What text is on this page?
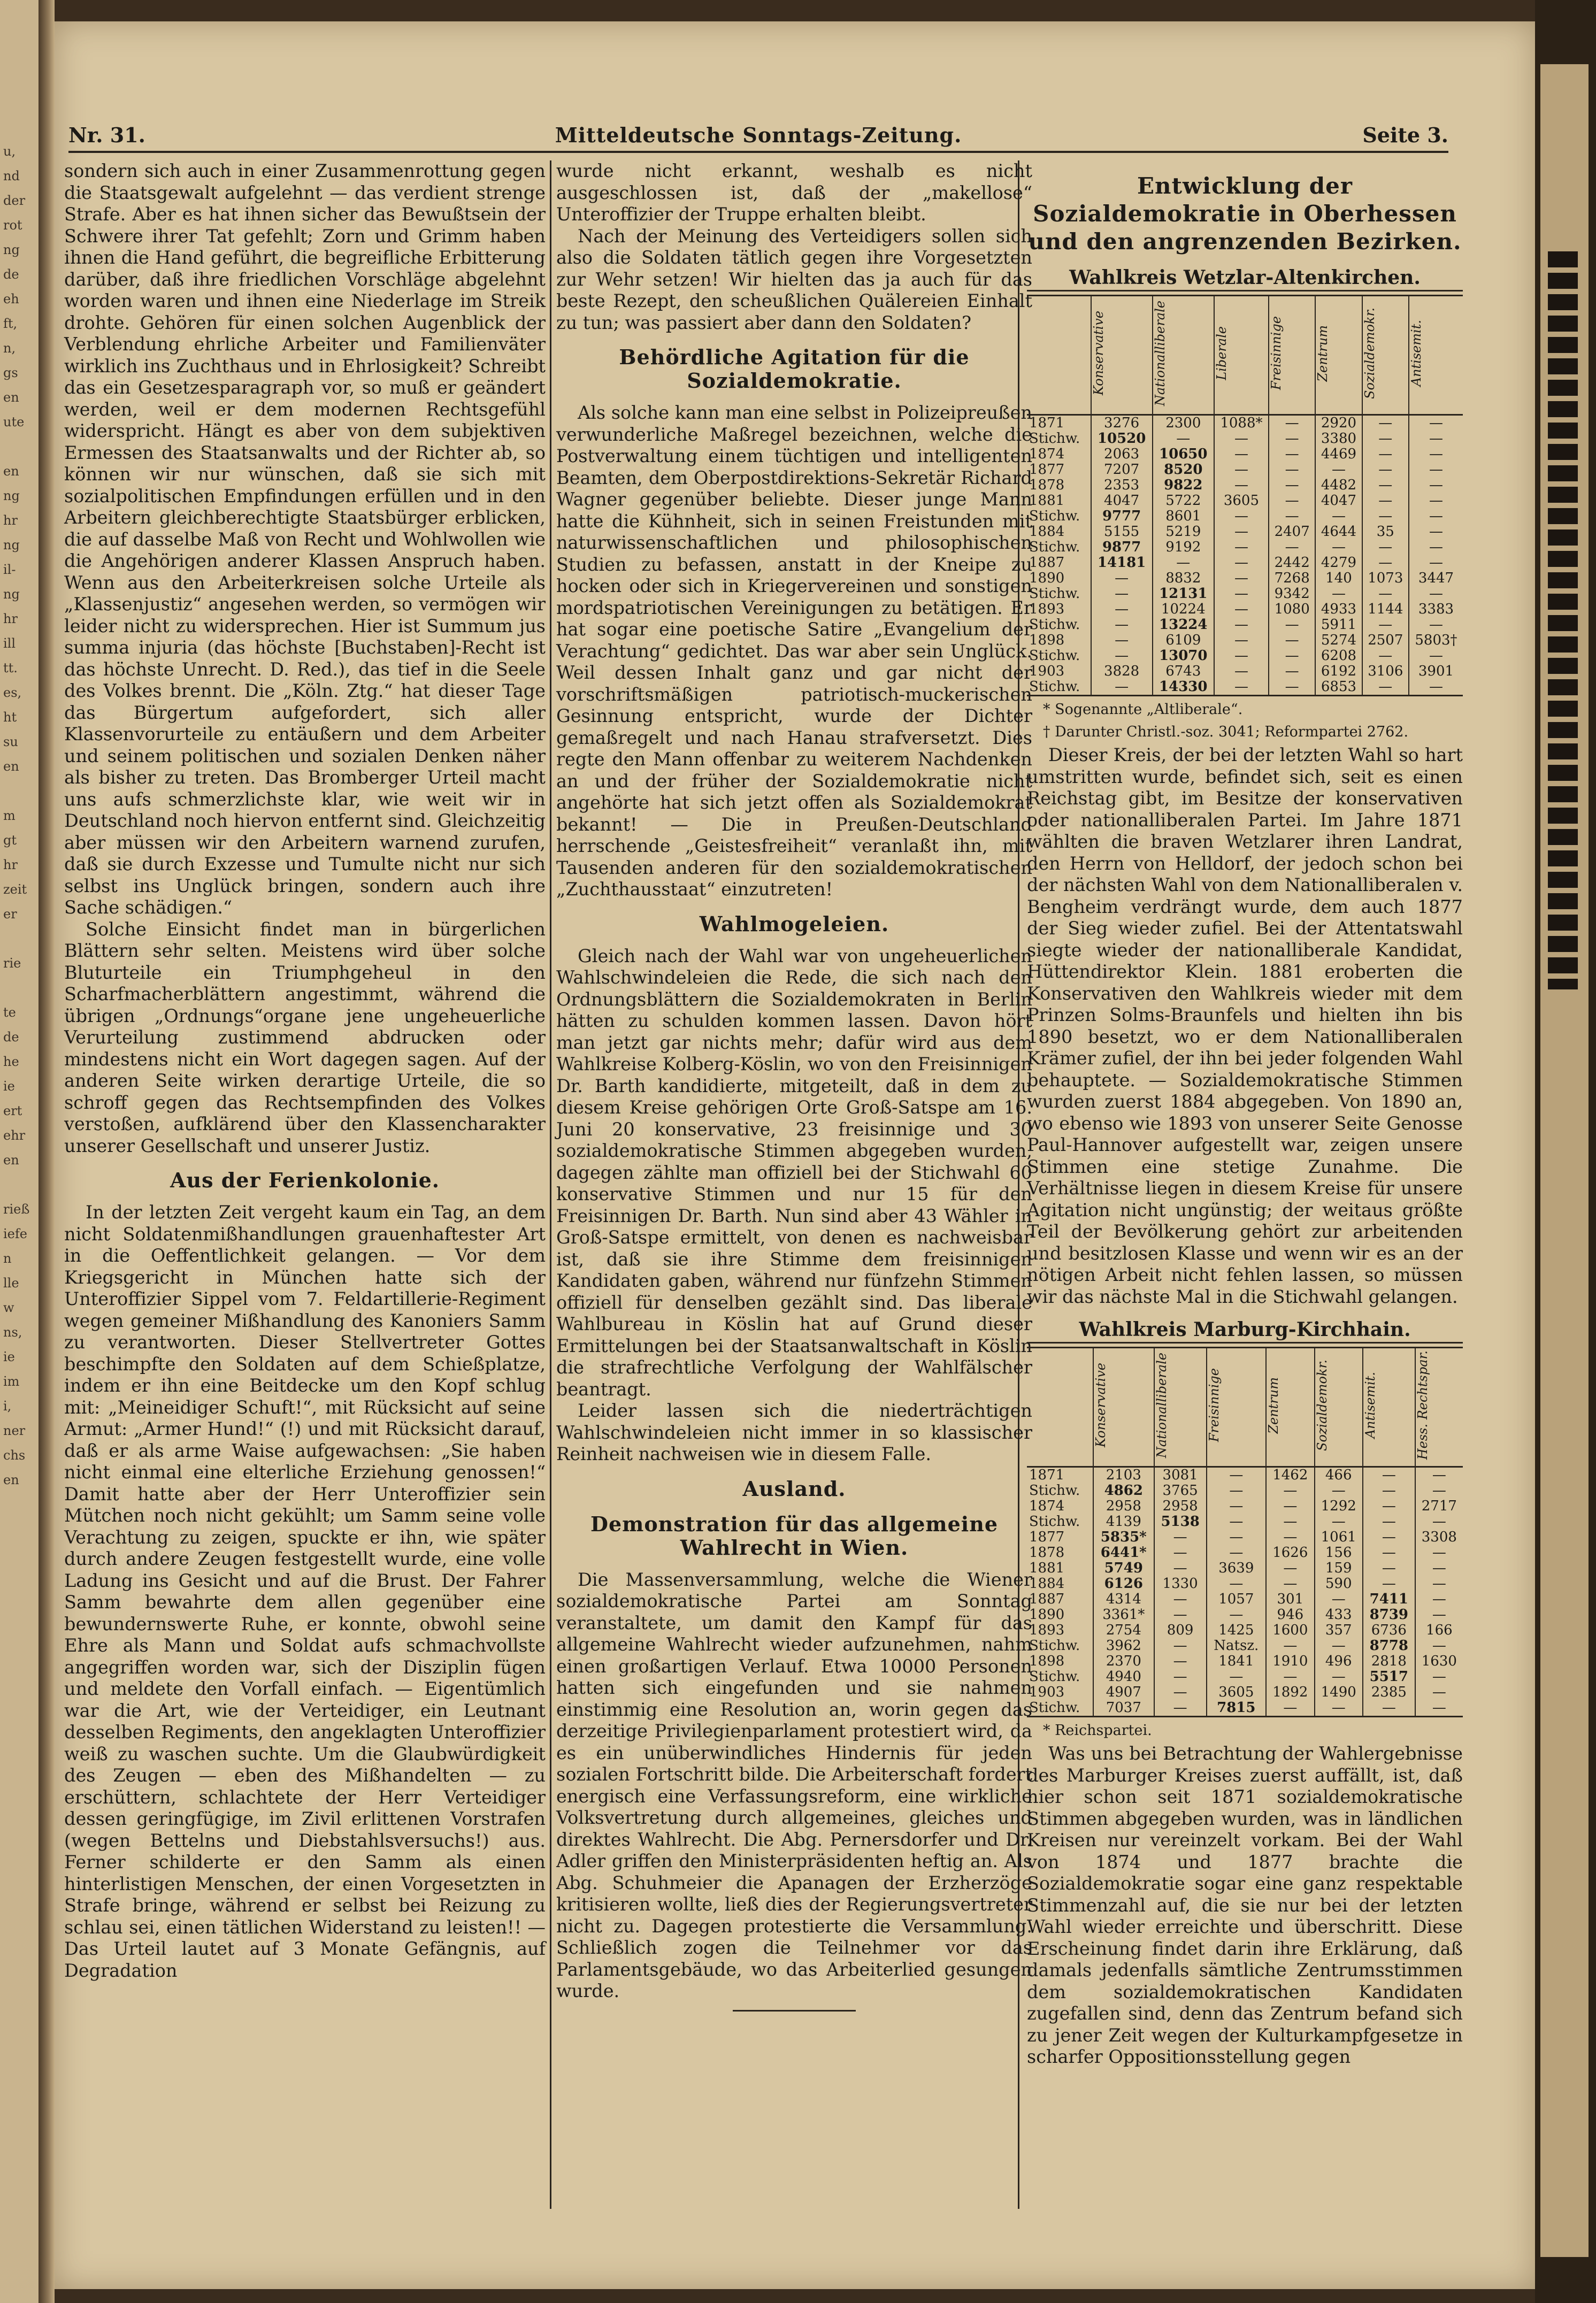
u,
nd
der
rot
ng
de
eh
ft,
n,
gs
en
ute

en
ng
hr
ng
il-
ng
hr
ill
tt.
es,
ht
su
en

m
gt
hr
zeit
er

rie

te
de
he
ie
ert
ehr
en

rieß
iefe
n
lle
w
ns,
ie
im
i,
ner
chs
en

Mitteldeutsche Sonntags-Zeitung.
Nr. 31.	Seite 3.

sondern sich auch in einer Zusammenrottung gegen die Staatsgewalt aufgelehnt — das verdient strenge Strafe. Aber es hat ihnen sicher das Bewußtsein der Schwere ihrer Tat gefehlt; Zorn und Grimm haben ihnen die Hand geführt, die begreifliche Erbitterung darüber, daß ihre friedlichen Vorschläge abgelehnt worden waren und ihnen eine Niederlage im Streik drohte. Gehören für einen solchen Augenblick der Verblendung ehrliche Arbeiter und Familienväter wirklich ins Zuchthaus und in Ehrlosigkeit? Schreibt das ein Gesetzesparagraph vor, so muß er geändert werden, weil er dem modernen Rechtsgefühl widerspricht. Hängt es aber von dem subjektiven Ermessen des Staatsanwalts und der Richter ab, so können wir nur wünschen, daß sie sich mit sozialpolitischen Empfindungen erfüllen und in den Arbeitern gleichberechtigte Staatsbürger erblicken, die auf dasselbe Maß von Recht und Wohlwollen wie die Angehörigen anderer Klassen Anspruch haben. Wenn aus den Arbeiterkreisen solche Urteile als „Klassenjustiz“ angesehen werden, so vermögen wir leider nicht zu widersprechen. Hier ist Summum jus summa injuria (das höchste [Buchstaben]-Recht ist das höchste Unrecht. D. Red.), das tief in die Seele des Volkes brennt. Die „Köln. Ztg.“ hat dieser Tage das Bürgertum aufgefordert, sich aller Klassenvorurteile zu entäußern und dem Arbeiter und seinem politischen und sozialen Denken näher als bisher zu treten. Das Bromberger Urteil macht uns aufs schmerzlichste klar, wie weit wir in Deutschland noch hiervon entfernt sind. Gleichzeitig aber müssen wir den Arbeitern warnend zurufen, daß sie durch Exzesse und Tumulte nicht nur sich selbst ins Unglück bringen, sondern auch ihre Sache schädigen.“

Solche Einsicht findet man in bürgerlichen Blättern sehr selten. Meistens wird über solche Bluturteile ein Triumphgeheul in den Scharfmacherblättern angestimmt, während die übrigen „Ordnungs“organe jene ungeheuerliche Verurteilung zustimmend abdrucken oder mindestens nicht ein Wort dagegen sagen. Auf der anderen Seite wirken derartige Urteile, die so schroff gegen das Rechtsempfinden des Volkes verstoßen, aufklärend über den Klassencharakter unserer Gesellschaft und unserer Justiz.

Aus der Ferienkolonie.

In der letzten Zeit vergeht kaum ein Tag, an dem nicht Soldatenmißhandlungen grauenhaftester Art in die Oeffentlichkeit gelangen. — Vor dem Kriegsgericht in München hatte sich der Unteroffizier Sippel vom 7. Feldartillerie-Regiment wegen gemeiner Mißhandlung des Kanoniers Samm zu verantworten. Dieser Stellvertreter Gottes beschimpfte den Soldaten auf dem Schießplatze, indem er ihn eine Beitdecke um den Kopf schlug mit: „Meineidiger Schuft!“, mit Rücksicht auf seine Armut: „Armer Hund!“ (!) und mit Rücksicht darauf, daß er als arme Waise aufgewachsen: „Sie haben nicht einmal eine elterliche Erziehung genossen!“ Damit hatte aber der Herr Unteroffizier sein Mütchen noch nicht gekühlt; um Samm seine volle Verachtung zu zeigen, spuckte er ihn, wie später durch andere Zeugen festgestellt wurde, eine volle Ladung ins Gesicht und auf die Brust. Der Fahrer Samm bewahrte dem allen gegenüber eine bewundernswerte Ruhe, er konnte, obwohl seine Ehre als Mann und Soldat aufs schmachvollste angegriffen worden war, sich der Disziplin fügen und meldete den Vorfall einfach. — Eigentümlich war die Art, wie der Verteidiger, ein Leutnant desselben Regiments, den angeklagten Unteroffizier weiß zu waschen suchte. Um die Glaubwürdigkeit des Zeugen — eben des Mißhandelten — zu erschüttern, schlachtete der Herr Verteidiger dessen geringfügige, im Zivil erlittenen Vorstrafen (wegen Bettelns und Diebstahlsversuchs!) aus. Ferner schilderte er den Samm als einen hinterlistigen Menschen, der einen Vorgesetzten in Strafe bringe, während er selbst bei Reizung zu schlau sei, einen tätlichen Widerstand zu leisten!! — Das Urteil lautet auf 3 Monate Gefängnis, auf Degradation

wurde nicht erkannt, weshalb es nicht ausgeschlossen ist, daß der „makellose“ Unteroffizier der Truppe erhalten bleibt.

Nach der Meinung des Verteidigers sollen sich also die Soldaten tätlich gegen ihre Vorgesetzten zur Wehr setzen! Wir hielten das ja auch für das beste Rezept, den scheußlichen Quälereien Einhalt zu tun; was passiert aber dann den Soldaten?

Behördliche Agitation für die Sozialdemokratie.

Als solche kann man eine selbst in Polizeipreußen verwunderliche Maßregel bezeichnen, welche die Postverwaltung einem tüchtigen und intelligenten Beamten, dem Oberpostdirektions-Sekretär Richard Wagner gegenüber beliebte. Dieser junge Mann hatte die Kühnheit, sich in seinen Freistunden mit naturwissenschaftlichen und philosophischen Studien zu befassen, anstatt in der Kneipe zu hocken oder sich in Kriegervereinen und sonstigen mordspatriotischen Vereinigungen zu betätigen. Er hat sogar eine poetische Satire „Evangelium der Verachtung“ gedichtet. Das war aber sein Unglück. Weil dessen Inhalt ganz und gar nicht der vorschriftsmäßigen patriotisch-muckerischen Gesinnung entspricht, wurde der Dichter gemaßregelt und nach Hanau strafversetzt. Dies regte den Mann offenbar zu weiterem Nachdenken an und der früher der Sozialdemokratie nicht angehörte hat sich jetzt offen als Sozialdemokrat bekannt! — Die in Preußen-Deutschland herrschende „Geistesfreiheit“ veranlaßt ihn, mit Tausenden anderen für den sozialdemokratischen „Zuchthausstaat“ einzutreten!

Wahlmogeleien.

Gleich nach der Wahl war von ungeheuerlichen Wahlschwindeleien die Rede, die sich nach den Ordnungsblättern die Sozialdemokraten in Berlin hätten zu schulden kommen lassen. Davon hört man jetzt gar nichts mehr; dafür wird aus dem Wahlkreise Kolberg-Köslin, wo von den Freisinnigen Dr. Barth kandidierte, mitgeteilt, daß in dem zu diesem Kreise gehörigen Orte Groß-Satspe am 16. Juni 20 konservative, 23 freisinnige und 30 sozialdemokratische Stimmen abgegeben wurden, dagegen zählte man offiziell bei der Stichwahl 60 konservative Stimmen und nur 15 für den Freisinnigen Dr. Barth. Nun sind aber 43 Wähler in Groß-Satspe ermittelt, von denen es nachweisbar ist, daß sie ihre Stimme dem freisinnigen Kandidaten gaben, während nur fünfzehn Stimmen offiziell für denselben gezählt sind. Das liberale Wahlbureau in Köslin hat auf Grund dieser Ermittelungen bei der Staatsanwaltschaft in Köslin die strafrechtliche Verfolgung der Wahlfälscher beantragt.

Leider lassen sich die niederträchtigen Wahlschwindeleien nicht immer in so klassischer Reinheit nachweisen wie in diesem Falle.

Ausland.
Demonstration für das allgemeine Wahlrecht in Wien.

Die Massenversammlung, welche die Wiener sozialdemokratische Partei am Sonntag veranstaltete, um damit den Kampf für das allgemeine Wahlrecht wieder aufzunehmen, nahm einen großartigen Verlauf. Etwa 10000 Personen hatten sich eingefunden und sie nahmen einstimmig eine Resolution an, worin gegen das derzeitige Privilegienparlament protestiert wird, da es ein unüberwindliches Hindernis für jeden sozialen Fortschritt bilde. Die Arbeiterschaft fordert energisch eine Verfassungsreform, eine wirkliche Volksvertretung durch allgemeines, gleiches und direktes Wahlrecht. Die Abg. Pernersdorfer und Dr. Adler griffen den Ministerpräsidenten heftig an. Als Abg. Schuhmeier die Apanagen der Erzherzöge kritisieren wollte, ließ dies der Regierungsvertreter nicht zu. Dagegen protestierte die Versammlung. Schließlich zogen die Teilnehmer vor das Parlamentsgebäude, wo das Arbeiterlied gesungen wurde.

Entwicklung der Sozialdemokratie in Oberhessen und den angrenzenden Bezirken.
Wahlkreis Wetzlar-Altenkirchen.
	Konservative	Nationalliberale	Liberale	Freisinnige	Zentrum	Sozialdemokr.	Antisemit.
1871	3276	2300	1088*	—	2920	—	—
Stichw.	10520	—	—	—	3380	—	—
1874	2063	10650	—	—	4469	—	—
1877	7207	8520	—	—	—	—	—
1878	2353	9822	—	—	4482	—	—
1881	4047	5722	3605	—	4047	—	—
Stichw.	9777	8601	—	—	—	—	—
1884	5155	5219	—	2407	4644	35	—
Stichw.	9877	9192	—	—	—	—	—
1887	14181	—	—	2442	4279	—	—
1890	—	8832	—	7268	140	1073	3447
Stichw.	—	12131	—	9342	—	—	—
1893	—	10224	—	1080	4933	1144	3383
Stichw.	—	13224	—	—	5911	—	—
1898	—	6109	—	—	5274	2507	5803†
Stichw.	—	13070	—	—	6208	—	—
1903	3828	6743	—	—	6192	3106	3901
Stichw.	—	14330	—	—	6853	—	—
* Sogenannte „Altliberale“.
† Darunter Christl.-soz. 3041; Reformpartei 2762.

Dieser Kreis, der bei der letzten Wahl so hart umstritten wurde, befindet sich, seit es einen Reichstag gibt, im Besitze der konservativen oder nationalliberalen Partei. Im Jahre 1871 wählten die braven Wetzlarer ihren Landrat, den Herrn von Helldorf, der jedoch schon bei der nächsten Wahl von dem Nationalliberalen v. Bengheim verdrängt wurde, dem auch 1877 der Sieg wieder zufiel. Bei der Attentatswahl siegte wieder der nationalliberale Kandidat, Hüttendirektor Klein. 1881 eroberten die Konservativen den Wahlkreis wieder mit dem Prinzen Solms-Braunfels und hielten ihn bis 1890 besetzt, wo er dem Nationalliberalen Krämer zufiel, der ihn bei jeder folgenden Wahl behauptete. — Sozialdemokratische Stimmen wurden zuerst 1884 abgegeben. Von 1890 an, wo ebenso wie 1893 von unserer Seite Genosse Paul-Hannover aufgestellt war, zeigen unsere Stimmen eine stetige Zunahme. Die Verhältnisse liegen in diesem Kreise für unsere Agitation nicht ungünstig; der weitaus größte Teil der Bevölkerung gehört zur arbeitenden und besitzlosen Klasse und wenn wir es an der nötigen Arbeit nicht fehlen lassen, so müssen wir das nächste Mal in die Stichwahl gelangen.

Wahlkreis Marburg-Kirchhain.
	Konservative	Nationalliberale	Freisinnige	Zentrum	Sozialdemokr.	Antisemit.	Hess. Rechtspar.
1871	2103	3081	—	1462	466	—	—
Stichw.	4862	3765	—	—	—	—	—
1874	2958	2958	—	—	1292	—	2717
Stichw.	4139	5138	—	—	—	—	—
1877	5835*	—	—	—	1061	—	3308
1878	6441*	—	—	1626	156	—	—
1881	5749	—	3639	—	159	—	—
1884	6126	1330	—	—	590	—	—
1887	4314	—	1057	301	—	7411	—
1890	3361*	—	—	946	433	8739	—
1893	2754	809	1425	1600	357	6736	166
Stichw.	3962	—	Natsz.	—	—	8778	—
1898	2370	—	1841	1910	496	2818	1630
Stichw.	4940	—	—	—	—	5517	—
1903	4907	—	3605	1892	1490	2385	—
Stichw.	7037	—	7815	—	—	—	—
* Reichspartei.

Was uns bei Betrachtung der Wahlergebnisse des Marburger Kreises zuerst auffällt, ist, daß hier schon seit 1871 sozialdemokratische Stimmen abgegeben wurden, was in ländlichen Kreisen nur vereinzelt vorkam. Bei der Wahl von 1874 und 1877 brachte die Sozialdemokratie sogar eine ganz respektable Stimmenzahl auf, die sie nur bei der letzten Wahl wieder erreichte und überschritt. Diese Erscheinung findet darin ihre Erklärung, daß damals jedenfalls sämtliche Zentrumsstimmen dem sozialdemokratischen Kandidaten zugefallen sind, denn das Zentrum befand sich zu jener Zeit wegen der Kulturkampfgesetze in scharfer Oppositionsstellung gegen
